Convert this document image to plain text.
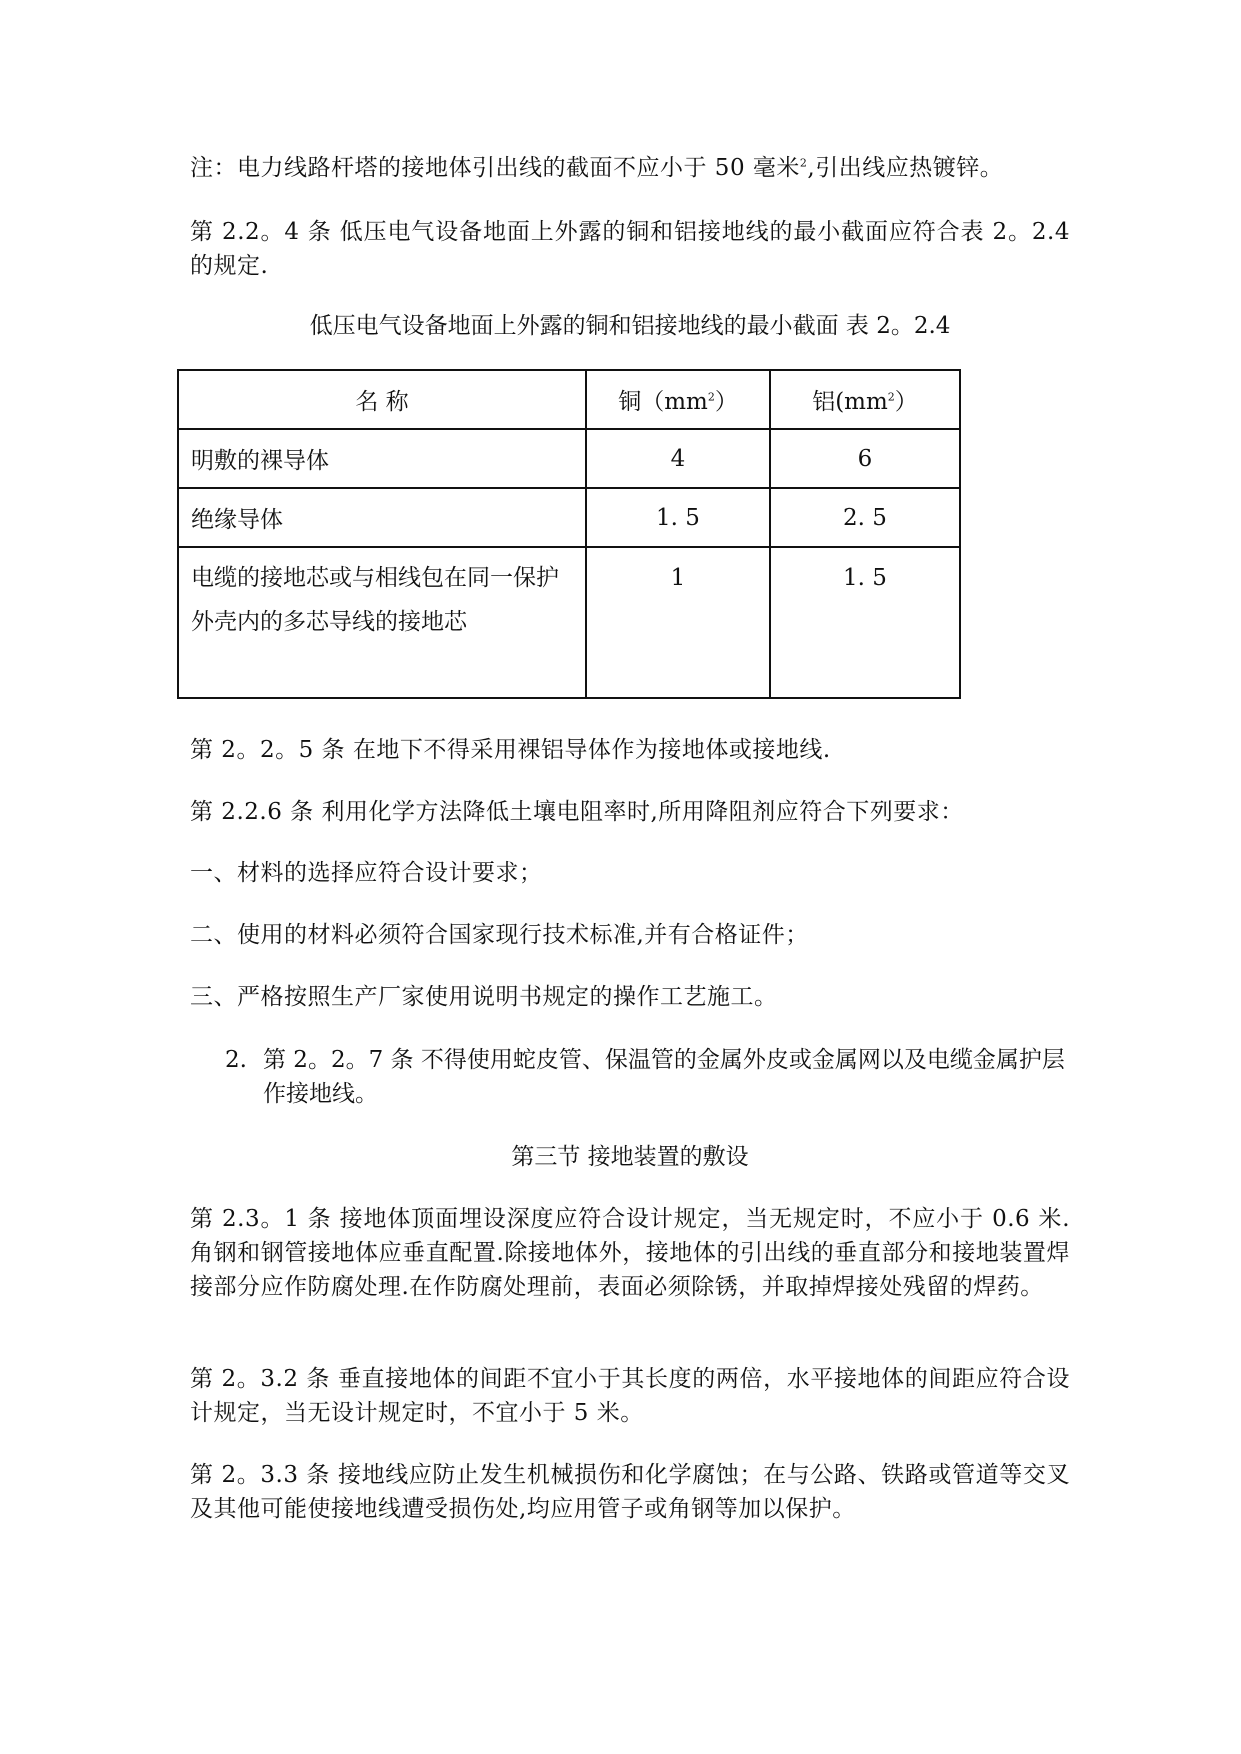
注：电力线路杆塔的接地体引出线的截面不应小于 50 毫米$^2$,引出线应热镀锌。

第 2.2。4 条 低压电气设备地面上外露的铜和铝接地线的最小截面应符合表 2。2.4 的规定.

低压电气设备地面上外露的铜和铝接地线的最小截面 表 2。2.4

名 称	铜$(mm^2)$	铝$(mm^2)$
明敷的裸导体	4	6
绝缘导体	1. 5	2. 5

电缆的接地芯或与相线包在同一保护
外壳内的多芯导线的接地芯	1	1. 5

第 2。2。5 条 在地下不得采用裸铝导体作为接地体或接地线.

第 2.2.6 条 利用化学方法降低土壤电阻率时,所用降阻剂应符合下列要求：

一、材料的选择应符合设计要求；

二、使用的材料必须符合国家现行技术标准,并有合格证件；

三、严格按照生产厂家使用说明书规定的操作工艺施工。

2. 第 2。2。7 条 不得使用蛇皮管、保温管的金属外皮或金属网以及电缆金属护层作接地线。

第三节 接地装置的敷设

第 2.3。1 条 接地体顶面埋设深度应符合设计规定，当无规定时，不应小于 0.6 米.角钢和钢管接地体应垂直配置.除接地体外，接地体的引出线的垂直部分和接地装置焊接部分应作防腐处理.在作防腐处理前，表面必须除锈，并取掉焊接处残留的焊药。

第 2。3.2 条 垂直接地体的间距不宜小于其长度的两倍，水平接地体的间距应符合设计规定，当无设计规定时，不宜小于 5 米。

第 2。3.3 条 接地线应防止发生机械损伤和化学腐蚀；在与公路、铁路或管道等交叉及其他可能使接地线遭受损伤处,均应用管子或角钢等加以保护。
